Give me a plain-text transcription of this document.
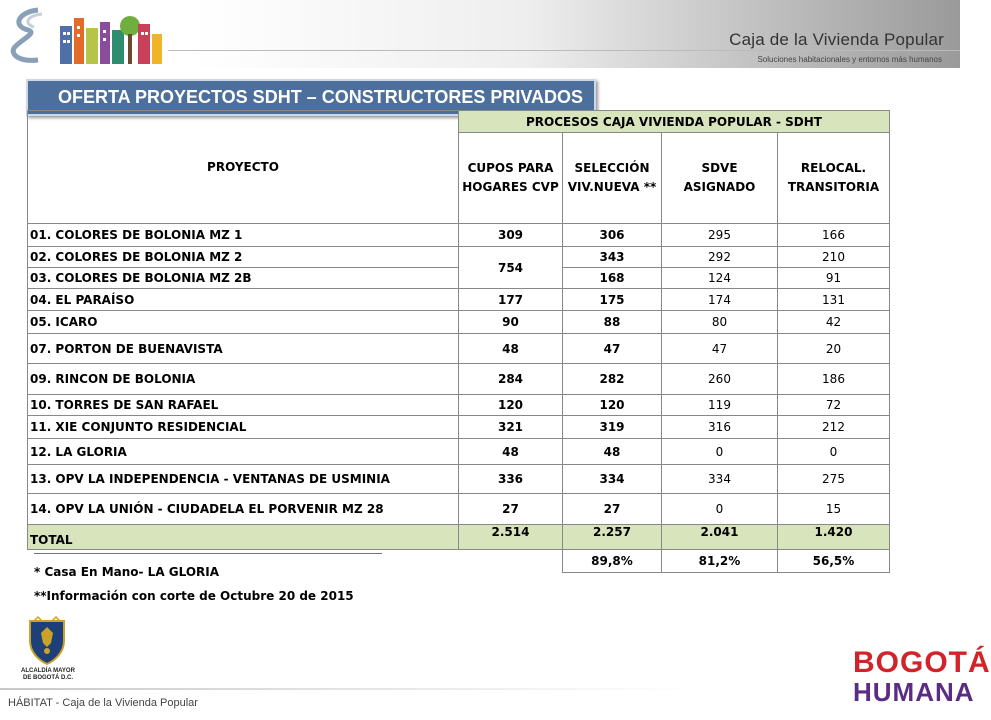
Caja de la Vivienda Popular
Soluciones habitacionales y entornos más humanos
OFERTA PROYECTOS SDHT – CONSTRUCTORES PRIVADOS
PROYECTO	PROCESOS CAJA VIVIENDA POPULAR - SDHT			
	CUPOS PARA HOGARES CVP	SELECCIÓN VIV.NUEVA **	SDVE ASIGNADO	RELOCAL. TRANSITORIA
01. COLORES DE BOLONIA MZ 1	309	306	295	166
02. COLORES DE BOLONIA MZ 2	754	343	292	210
03. COLORES DE BOLONIA MZ 2B		168	124	91
04. EL PARAÍSO	177	175	174	131
05. ICARO	90	88	80	42
07. PORTON DE BUENAVISTA	48	47	47	20
09. RINCON DE BOLONIA	284	282	260	186
10. TORRES DE SAN RAFAEL	120	120	119	72
11. XIE CONJUNTO RESIDENCIAL	321	319	316	212
12. LA GLORIA	48	48	0	0
13. OPV LA INDEPENDENCIA - VENTANAS DE USMINIA	336	334	334	275
14. OPV LA UNIÓN - CIUDADELA EL PORVENIR MZ 28	27	27	0	15
TOTAL	2.514	2.257	2.041	1.420
		89,8%	81,2%	56,5%
* Casa En Mano- LA GLORIA
**Información con corte de Octubre 20 de 2015
ALCALDÍA MAYOR
DE BOGOTÁ D.C.
HÁBITAT - Caja de la Vivienda Popular
BOGOTÁ
HUMANA
